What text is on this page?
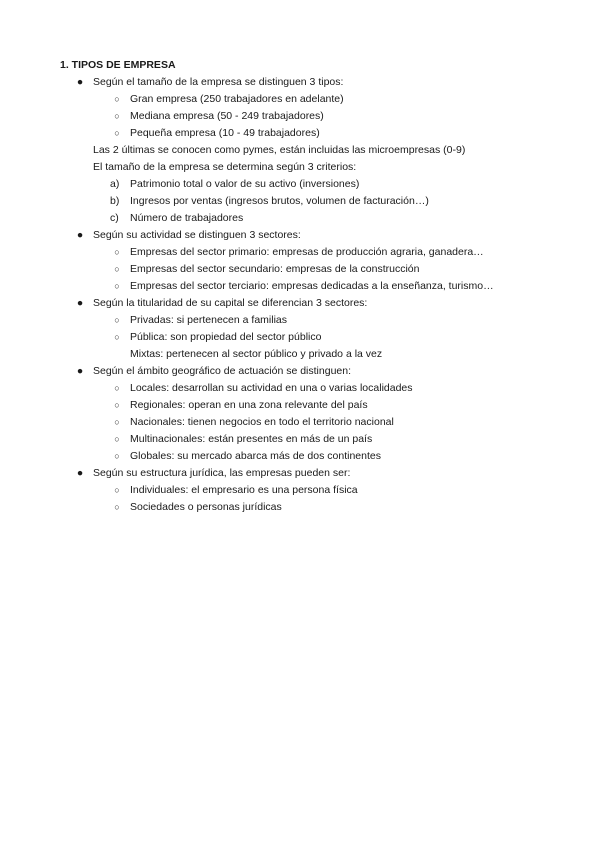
1. TIPOS DE EMPRESA
● Según el tamaño de la empresa se distinguen 3 tipos:
○ Gran empresa (250 trabajadores en adelante)
○ Mediana empresa (50 - 249 trabajadores)
○ Pequeña empresa (10 - 49 trabajadores)
Las 2 últimas se conocen como pymes, están incluidas las microempresas (0-9)
El tamaño de la empresa se determina según 3 criterios:
a) Patrimonio total o valor de su activo (inversiones)
b) Ingresos por ventas (ingresos brutos, volumen de facturación…)
c) Número de trabajadores
● Según su actividad se distinguen 3 sectores:
○ Empresas del sector primario: empresas de producción agraria, ganadera…
○ Empresas del sector secundario: empresas de la construcción
○ Empresas del sector terciario: empresas dedicadas a la enseñanza, turismo…
● Según la titularidad de su capital se diferencian 3 sectores:
○ Privadas: si pertenecen a familias
○ Pública: son propiedad del sector público
Mixtas: pertenecen al sector público y privado a la vez
● Según el ámbito geográfico de actuación se distinguen:
○ Locales: desarrollan su actividad en una o varias localidades
○ Regionales: operan en una zona relevante del país
○ Nacionales: tienen negocios en todo el territorio nacional
○ Multinacionales: están presentes en más de un país
○ Globales: su mercado abarca más de dos continentes
● Según su estructura jurídica, las empresas pueden ser:
○ Individuales: el empresario es una persona física
○ Sociedades o personas jurídicas
